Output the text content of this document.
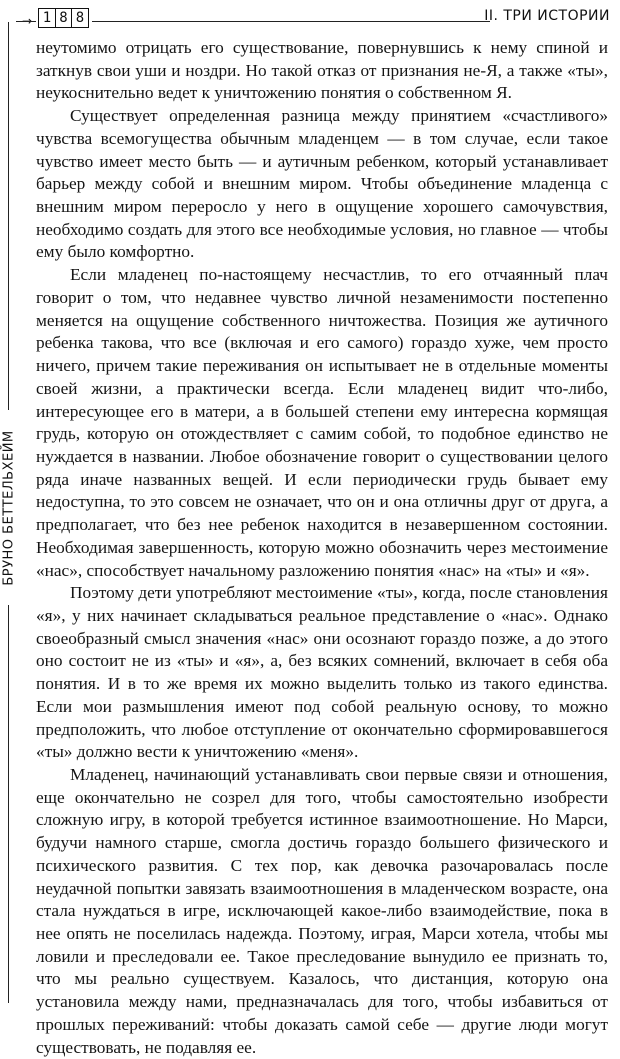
→ 1 8 8	II. ТРИ ИСТОРИИ
БРУНО БЕТТЕЛЬХЕЙМ

неутомимо отрицать его существование, повернувшись к нему спиной и заткнув свои уши и ноздри. Но такой отказ от признания не-Я, а также «ты», неукоснительно ведет к уничтожению понятия о собственном Я.

Существует определенная разница между принятием «счастливого» чувства всемогущества обычным младенцем — в том случае, если такое чувство имеет место быть — и аутичным ребенком, который устанавливает барьер между собой и внешним миром. Чтобы объединение младенца с внешним миром переросло у него в ощущение хорошего самочувствия, необходимо создать для этого все необходимые условия, но главное — чтобы ему было комфортно.

Если младенец по-настоящему несчастлив, то его отчаянный плач говорит о том, что недавнее чувство личной незаменимости постепенно меняется на ощущение собственного ничтожества. Позиция же аутичного ребенка такова, что все (включая и его самого) гораздо хуже, чем просто ничего, причем такие переживания он испытывает не в отдельные моменты своей жизни, а практически всегда. Если младенец видит что-либо, интересующее его в матери, а в большей степени ему интересна кормящая грудь, которую он отождествляет с самим собой, то подобное единство не нуждается в названии. Любое обозначение говорит о существовании целого ряда иначе названных вещей. И если периодически грудь бывает ему недоступна, то это совсем не означает, что он и она отличны друг от друга, а предполагает, что без нее ребенок находится в незавершенном состоянии. Необходимая завершенность, которую можно обозначить через местоимение «нас», способствует начальному разложению понятия «нас» на «ты» и «я».

Поэтому дети употребляют местоимение «ты», когда, после становления «я», у них начинает складываться реальное представление о «нас». Однако своеобразный смысл значения «нас» они осознают гораздо позже, а до этого оно состоит не из «ты» и «я», а, без всяких сомнений, включает в себя оба понятия. И в то же время их можно выделить только из такого единства. Если мои размышления имеют под собой реальную основу, то можно предположить, что любое отступление от окончательно сформировавшегося «ты» должно вести к уничтожению «меня».

Младенец, начинающий устанавливать свои первые связи и отношения, еще окончательно не созрел для того, чтобы самостоятельно изобрести сложную игру, в которой требуется истинное взаимоотношение. Но Марси, будучи намного старше, смогла достичь гораздо большего физического и психического развития. С тех пор, как девочка разочаровалась после неудачной попытки завязать взаимоотношения в младенческом возрасте, она стала нуждаться в игре, исключающей какое-либо взаимодействие, пока в нее опять не поселилась надежда. Поэтому, играя, Марси хотела, чтобы мы ловили и преследовали ее. Такое преследование вынудило ее признать то, что мы реально существуем. Казалось, что дистанция, которую она установила между нами, предназначалась для того, чтобы избавиться от прошлых переживаний: чтобы доказать самой себе — другие люди могут существовать, не подавляя ее.
